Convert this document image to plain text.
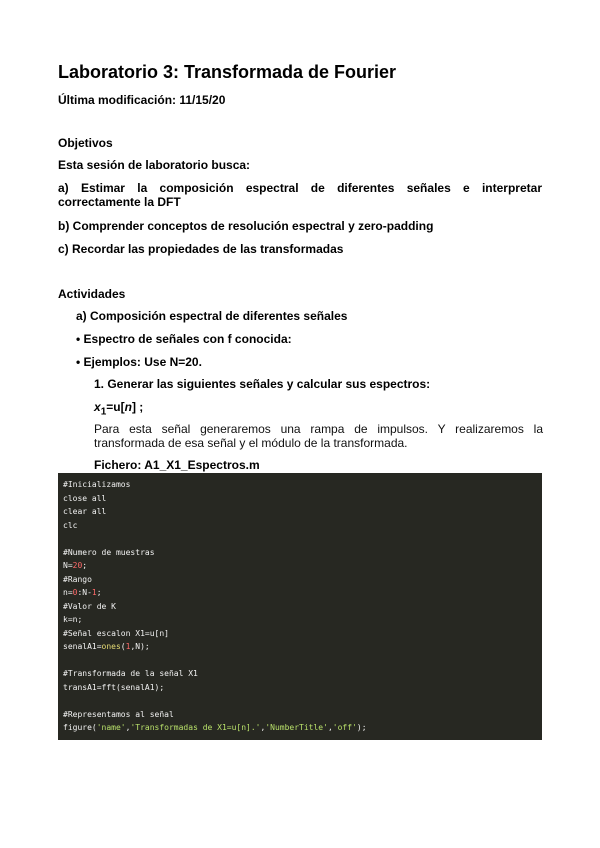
Laboratorio 3: Transformada de Fourier
Última modificación: 11/15/20
Objetivos
Esta sesión de laboratorio busca:
a) Estimar la composición espectral de diferentes señales e interpretar correctamente la DFT
b) Comprender conceptos de resolución espectral y zero-padding
c) Recordar las propiedades de las transformadas
Actividades
a) Composición espectral de diferentes señales
• Espectro de señales con f conocida:
• Ejemplos: Use N=20.
1. Generar las siguientes señales y calcular sus espectros:
$x_1=u[n]$ ;
Para esta señal generaremos una rampa de impulsos. Y realizaremos la transformada de esa señal y el módulo de la transformada.
Fichero: A1_X1_Espectros.m
#Inicializamos
close all
clear all
clc
#Numero de muestras
N=20;
#Rango
n=0:N-1;
#Valor de K
k=n;
#Señal escalon X1=u[n]
senalA1=ones(1,N);
#Transformada de la señal X1
transA1=fft(senalA1);
#Representamos al señal
figure('name','Transformadas de X1=u[n].','NumberTitle','off');
